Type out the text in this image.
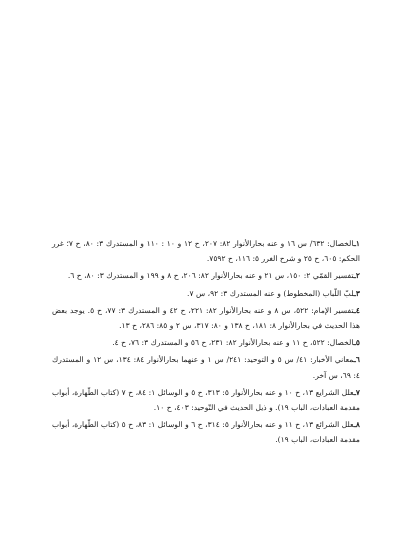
١ـالخصال: ٦٣٢/ س ١٦ و عنه بحارالأنوار ٨٢: ٢٠٧، ح ١٢ و ١٠ : ١١٠ و المستدرك ٣: ٨٠، ح ٧؛ غرر الحكم: ٦٠٥، ح ٢٥ و شرح الغرر ٥: ١١٦، ح ٧٥٩٢.

٢ـتفسير القمّي ٢: ١٥٠، س ٢١ و عنه بحارالأنوار ٨٢: ٢٠٦، ح ٨ و ١٩٩ و المستدرك ٣: ٨٠، ح ٦.

٣ـلبّ اللّباب (المخطوط) و عنه المستدرك ٣: ٩٢، س ٧.

٤ـتفسير الإمام: ٥٢٢، س ٨ و عنه بحارالأنوار ٨٢: ٢٢١، ح ٤٢ و المستدرك ٣: ٧٧، ح ٥. يوجد بعض هذا الحديث في بحارالأنوار ٨: ١٨١، ح ١٣٨ و ٨٠: ٣١٧، س ٢ و ٨٥: ٢٨٦، ح ١٣.

٥ـالخصال: ٥٢٢، ح ١١ و عنه بحارالأنوار ٨٢: ٢٣١، ح ٥٦ و المستدرك ٣: ٧٦، ح ٤.

٦ـمعاني الأخبار: ٤١/ س ٥ و التوحيد: ٢٤١/ س ١ و عنهما بحارالأنوار ٨٤: ١٣٤، س ١٢ و المستدرك ٤: ٦٩، س آخر.

٧ـعلل الشرايع ١٣، ح ١٠ و عنه بحارالأنوار ٥: ٣١٣، ح ٥ و الوسائل ١: ٨٤، ح ٧ (كتاب الطّهارة، أبواب مقدمة العبادات، الباب ١٩). و ذيل الحديث في التّوحيد: ٤٠٣، ح ١٠.

٨ـعلل الشرائع ١٣، ح ١١ و عنه بحارالأنوار ٥: ٣١٤، ح ٦ و الوسائل ١: ٨٣، ح ٥ (كتاب الطّهارة، أبواب مقدمة العبادات، الباب ١٩).
